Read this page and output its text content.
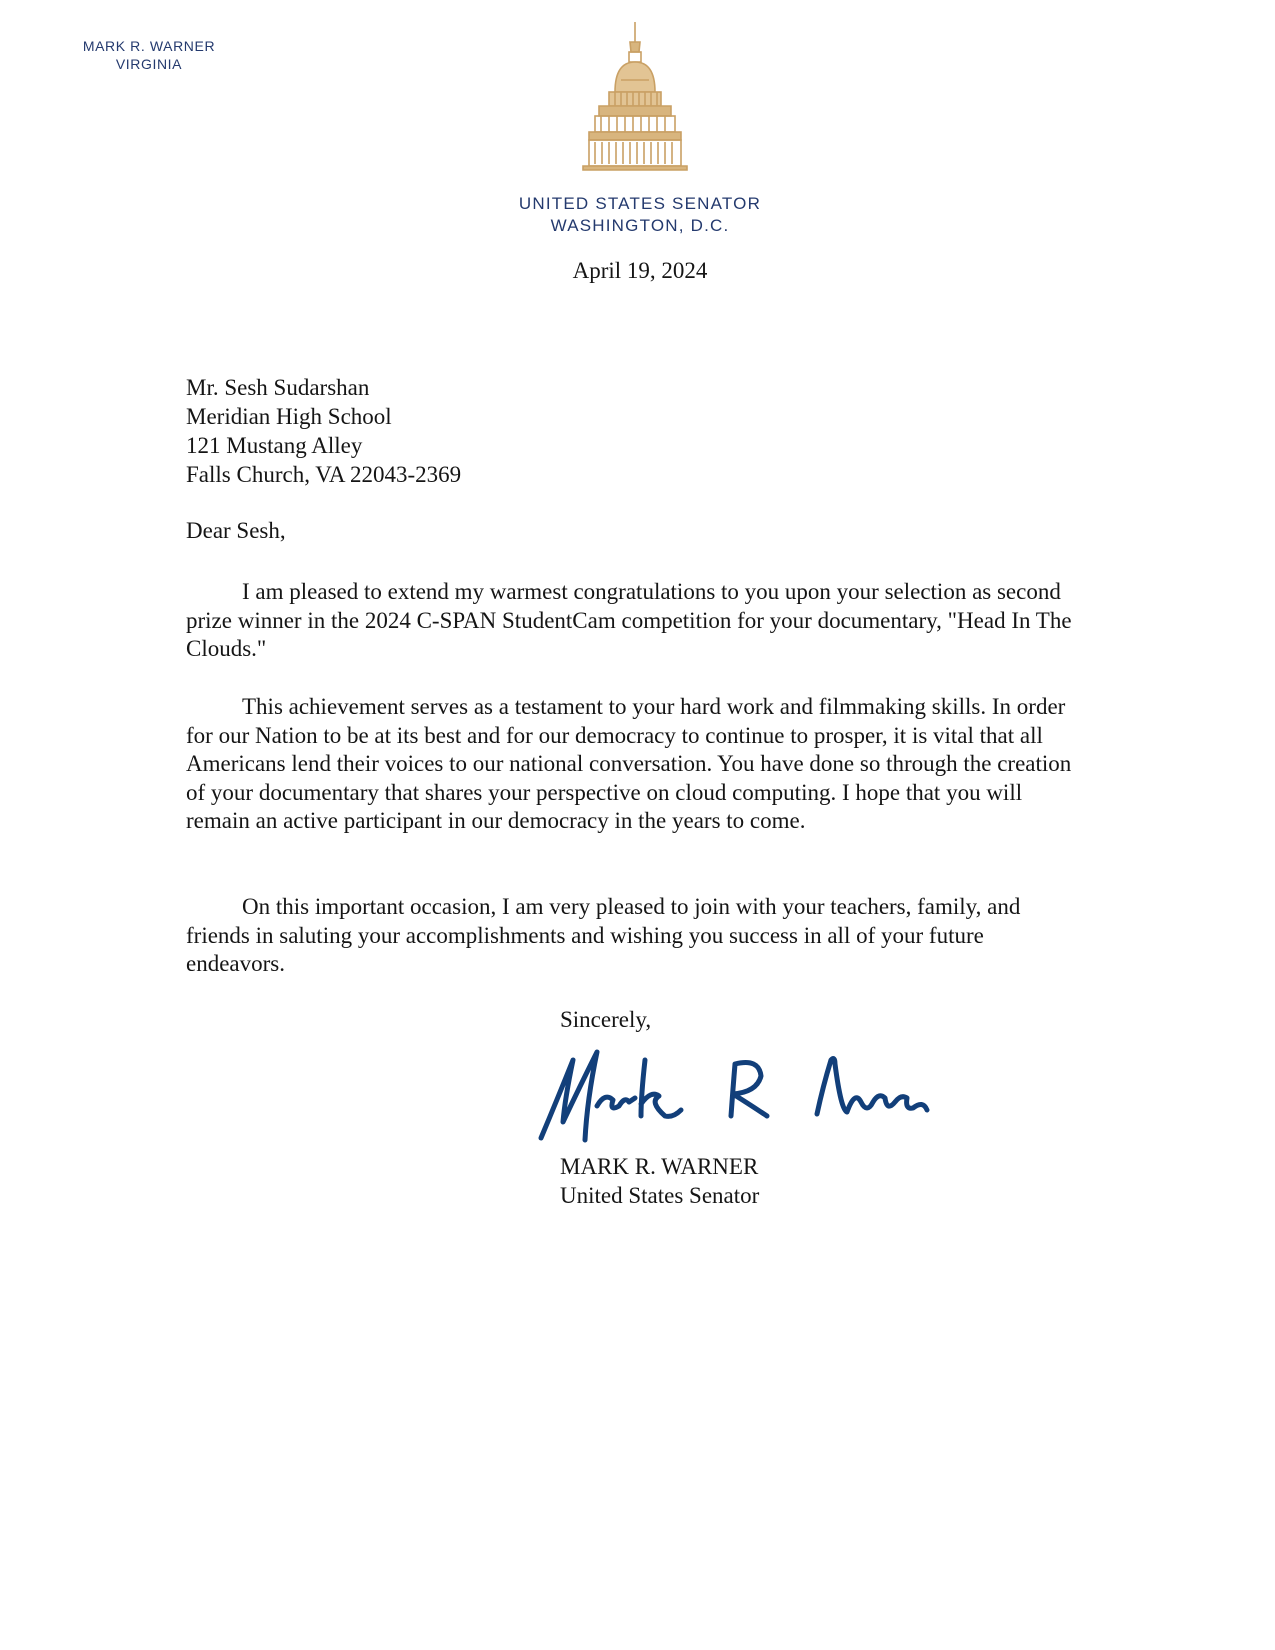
MARK R. WARNER
VIRGINIA
UNITED STATES SENATOR
WASHINGTON, D.C.
April 19, 2024
Mr. Sesh Sudarshan
Meridian High School
121 Mustang Alley
Falls Church, VA 22043-2369
Dear Sesh,

I am pleased to extend my warmest congratulations to you upon your selection as second prize winner in the 2024 C-SPAN StudentCam competition for your documentary, "Head In The Clouds."

This achievement serves as a testament to your hard work and filmmaking skills. In order for our Nation to be at its best and for our democracy to continue to prosper, it is vital that all Americans lend their voices to our national conversation. You have done so through the creation of your documentary that shares your perspective on cloud computing. I hope that you will remain an active participant in our democracy in the years to come.

On this important occasion, I am very pleased to join with your teachers, family, and friends in saluting your accomplishments and wishing you success in all of your future endeavors.

Sincerely,
MARK R. WARNER
United States Senator
